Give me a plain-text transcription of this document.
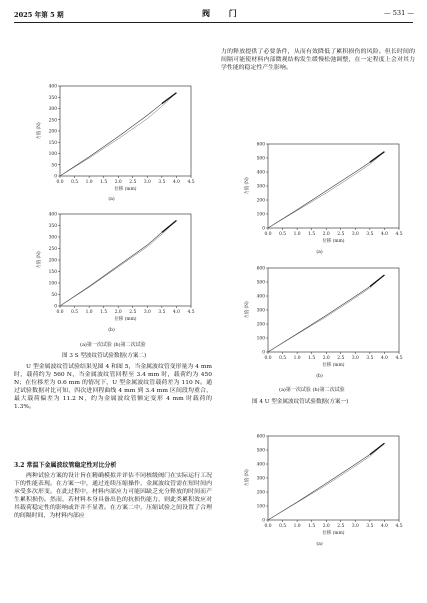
2025 年第 5 期	阀 门	— 531 —
0.0 0.5 1.0 1.5 2.0 2.5 3.0 3.5 4.0 4.5
0
50
100
150
200
250
300
350
400
位移 (mm)
力值 (N)
(a)
0.0 0.5 1.0 1.5 2.0 2.5 3.0 3.5 4.0 4.5
0
50
100
150
200
250
300
350
400
位移 (mm)
力值 (N)
(b)
(a)第一次试验 (b)第二次试验
图 3 S 型波纹管试验数据(方案二)

U 型金属波纹管试验结果见图 4 和图 5，当金属波纹管变形量为 4 mm 时，载荷约为 560 N，当金属波纹管回程至 3.4 mm 时，载荷约为 450 N；在位移差为 0.6 mm 的情况下，U 型金属波纹管载荷差为 110 N。通过试验数据对比可知，四次进回程曲线 4 mm 到 3.4 mm 区间段均重合，最大载荷偏差为 11.2 N，约为金属波纹管额定变形 4 mm 时载荷的 1.3%。

3.2 常温下金属波纹管稳定性对比分析

两种试验方案的设计旨在精确模拟并评估不同核级阀门在实际运行工况下的性能表现。在方案一中，通过连续压缩操作，金属波纹管需在短时间内承受多次形变。在此过程中，材料内部应力可能因缺乏充分释放的时间而产生累积损伤。然而，若材料本身具备出色的抗损伤能力，则此类累积效应对其载荷稳定性的影响或许并不显著。在方案二中，压缩试验之间设置了合理的间隔时间，为材料内部应

力的释放提供了必要条件，从而有效降低了累积损伤的风险。但长时间的间隔可能使材料内部微观结构发生缓慢松弛调整，在一定程度上会对其力学性能的稳定性产生影响。

0.0 0.5 1.0 1.5 2.0 2.5 3.0 3.5 4.0 4.5
0
100
200
300
400
500
600
位移 (mm)
力值 (N)
(a)
0.0 0.5 1.0 1.5 2.0 2.5 3.0 3.5 4.0 4.5
0
100
200
300
400
500
600
位移 (mm)
力值 (N)
(b)
(a)第一次试验 (b)第二次试验
图 4 U 型金属波纹管试验数据(方案一)
0.0 0.5 1.0 1.5 2.0 2.5 3.0 3.5 4.0 4.5
0
100
200
300
400
500
600
位移 (mm)
力值 (N)
(a)
